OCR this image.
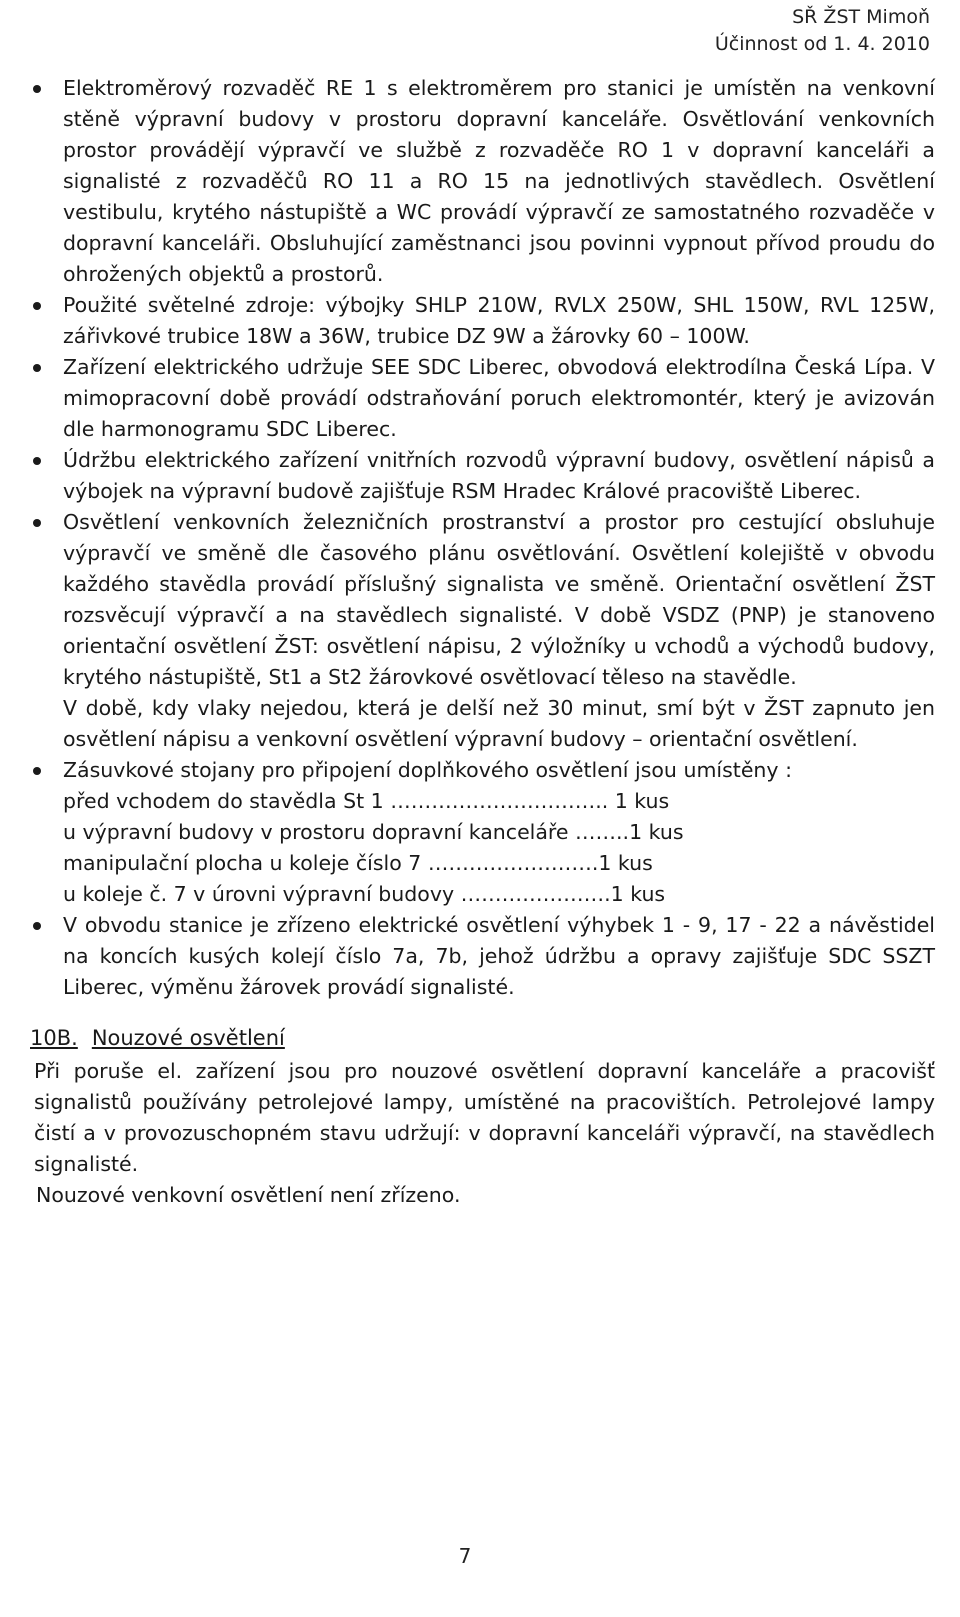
SŘ ŽST Mimoň
Účinnost od 1. 4. 2010

Elektroměrový rozvaděč RE 1 s elektroměrem pro stanici je umístěn na venkovní stěně výpravní budovy v prostoru dopravní kanceláře. Osvětlování venkovních prostor provádějí výpravčí ve službě z rozvaděče RO 1 v dopravní kanceláři a signalisté z rozvaděčů RO 11 a RO 15 na jednotlivých stavědlech. Osvětlení vestibulu, krytého nástupiště a WC provádí výpravčí ze samostatného rozvaděče v dopravní kanceláři. Obsluhující zaměstnanci jsou povinni vypnout přívod proudu do ohrožených objektů a prostorů.

Použité světelné zdroje: výbojky SHLP 210W, RVLX 250W, SHL 150W, RVL 125W, zářivkové trubice 18W a 36W, trubice DZ 9W a žárovky 60 – 100W.

Zařízení elektrického udržuje SEE SDC Liberec, obvodová elektrodílna Česká Lípa. V mimopracovní době provádí odstraňování poruch elektromontér, který je avizován dle harmonogramu SDC Liberec.

Údržbu elektrického zařízení vnitřních rozvodů výpravní budovy, osvětlení nápisů a výbojek na výpravní budově zajišťuje RSM Hradec Králové pracoviště Liberec.

Osvětlení venkovních železničních prostranství a prostor pro cestující obsluhuje výpravčí ve směně dle časového plánu osvětlování. Osvětlení kolejiště v obvodu každého stavědla provádí příslušný signalista ve směně. Orientační osvětlení ŽST rozsvěcují výpravčí a na stavědlech signalisté. V době VSDZ (PNP) je stanoveno orientační osvětlení ŽST: osvětlení nápisu, 2 výložníky u vchodů a východů budovy, krytého nástupiště, St1 a St2 žárovkové osvětlovací těleso na stavědle.

V době, kdy vlaky nejedou, která je delší než 30 minut, smí být v ŽST zapnuto jen osvětlení nápisu a venkovní osvětlení výpravní budovy – orientační osvětlení.

Zásuvkové stojany pro připojení doplňkového osvětlení jsou umístěny :

před vchodem do stavědla St 1 ………………………….. 1 kus
u výpravní budovy v prostoru dopravní kanceláře ……..1 kus
manipulační plocha u koleje číslo 7 …………………….1 kus
u koleje č. 7 v úrovni výpravní budovy ………………….1 kus

V obvodu stanice je zřízeno elektrické osvětlení výhybek 1 - 9, 17 - 22 a návěstidel na koncích kusých kolejí číslo 7a, 7b, jehož údržbu a opravy zajišťuje SDC SSZT Liberec, výměnu žárovek provádí signalisté.

10B. Nouzové osvětlení

Při poruše el. zařízení jsou pro nouzové osvětlení dopravní kanceláře a pracovišť signalistů používány petrolejové lampy, umístěné na pracovištích. Petrolejové lampy čistí a v provozuschopném stavu udržují: v dopravní kanceláři výpravčí, na stavědlech signalisté.

Nouzové venkovní osvětlení není zřízeno.

7
